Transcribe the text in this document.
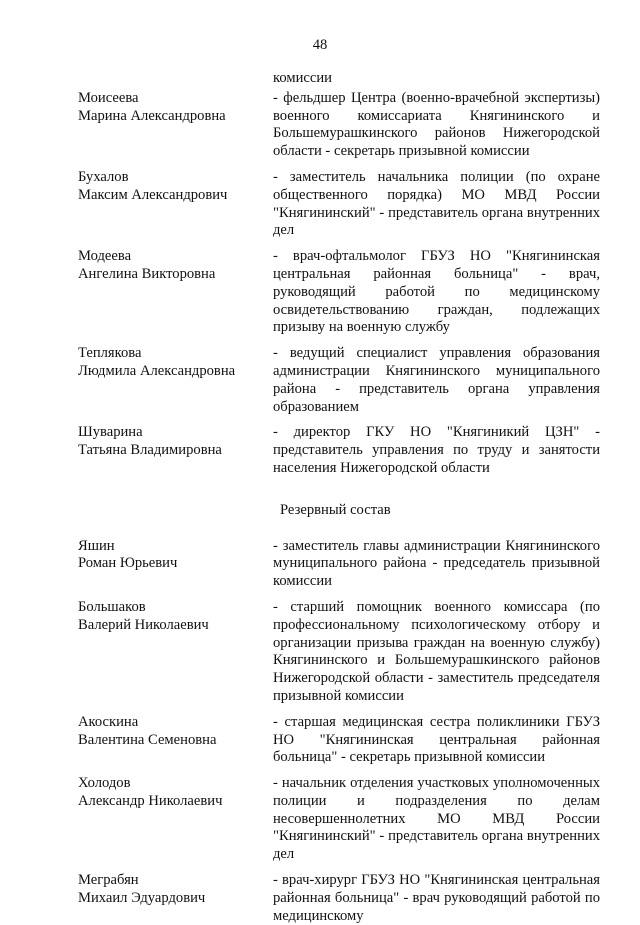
48
комиссии
Моисеева
Марина Александровна
- фельдшер Центра (военно-врачебной экспертизы) военного комиссариата Княгининского и Большемурашкинского районов Нижегородской области - секретарь призывной комиссии
Бухалов
Максим Александрович
- заместитель начальника полиции (по охране общественного порядка) МО МВД России "Княгининский" - представитель органа внутренних дел
Модеева
Ангелина Викторовна
- врач-офтальмолог ГБУЗ НО "Княгининская центральная районная больница" - врач, руководящий работой по медицинскому освидетельствованию граждан, подлежащих призыву на военную службу
Теплякова
Людмила Александровна
- ведущий специалист управления образования администрации Княгининского муниципального района - представитель органа управления образованием
Шуварина
Татьяна Владимировна
- директор ГКУ НО "Княгиникий ЦЗН" - представитель управления по труду и занятости населения Нижегородской области
Резервный состав
Яшин
Роман Юрьевич
- заместитель главы администрации Княгининского муниципального района - председатель призывной комиссии
Большаков
Валерий Николаевич
- старший помощник военного комиссара (по профессиональному психологическому отбору и организации призыва граждан на военную службу) Княгининского и Большемурашкинского районов Нижегородской области - заместитель председателя призывной комиссии
Акоскина
Валентина Семеновна
- старшая медицинская сестра поликлиники ГБУЗ НО "Княгининская центральная районная больница" - секретарь призывной комиссии
Холодов
Александр Николаевич
- начальник отделения участковых уполномоченных полиции и подразделения по делам несовершеннолетних МО МВД России "Княгининский" - представитель органа внутренних дел
Меграбян
Михаил Эдуардович
- врач-хирург ГБУЗ НО "Княгининская центральная районная больница" - врач руководящий работой по медицинскому
